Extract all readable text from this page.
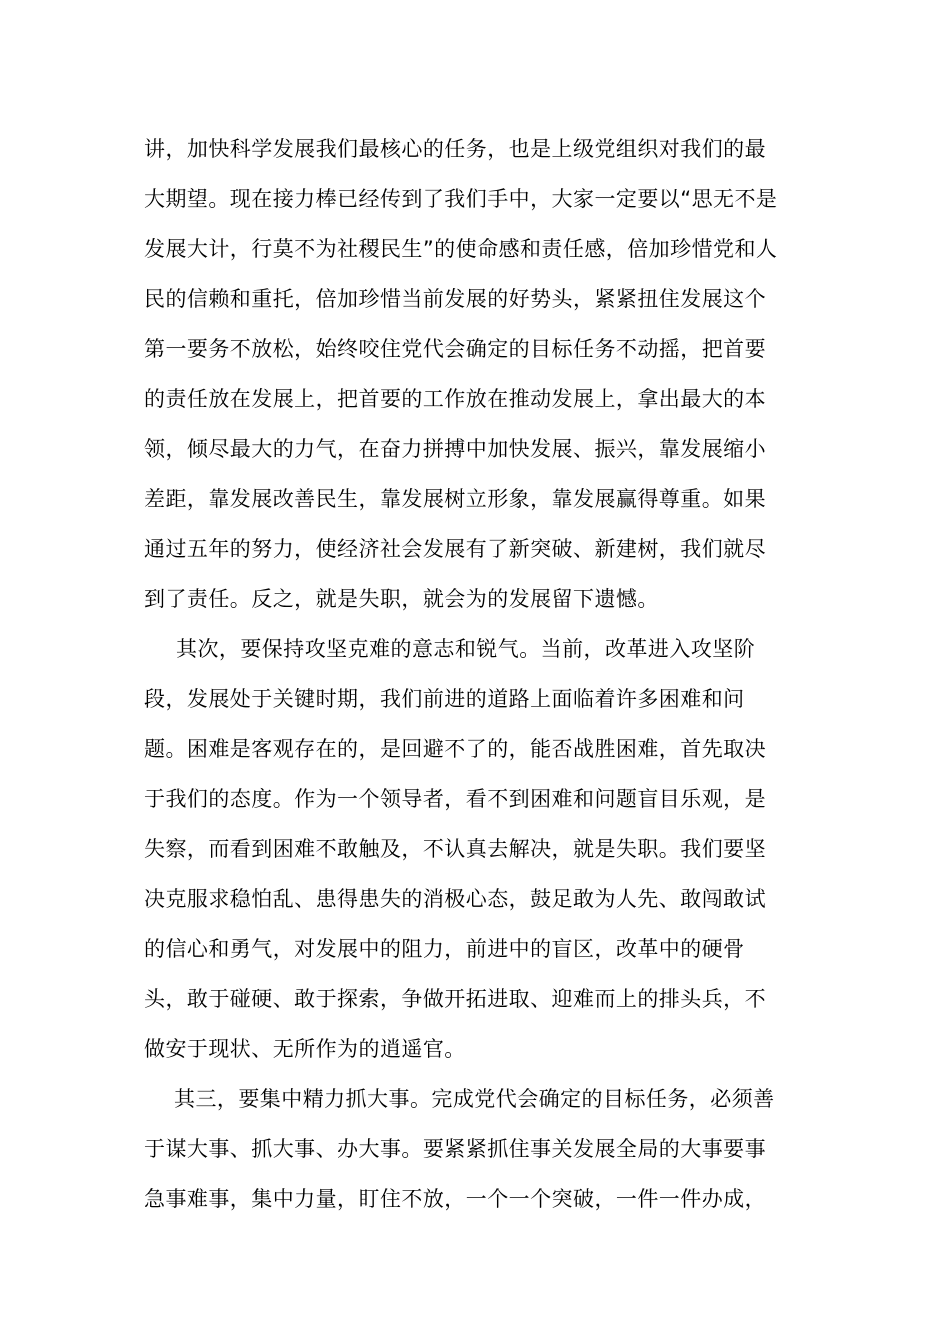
讲，加快科学发展我们最核心的任务，也是上级党组织对我们的最
大期望。现在接力棒已经传到了我们手中，大家一定要以“思无不是
发展大计，行莫不为社稷民生”的使命感和责任感，倍加珍惜党和人
民的信赖和重托，倍加珍惜当前发展的好势头，紧紧扭住发展这个
第一要务不放松，始终咬住党代会确定的目标任务不动摇，把首要
的责任放在发展上，把首要的工作放在推动发展上，拿出最大的本
领，倾尽最大的力气，在奋力拼搏中加快发展、振兴，靠发展缩小
差距，靠发展改善民生，靠发展树立形象，靠发展赢得尊重。如果
通过五年的努力，使经济社会发展有了新突破、新建树，我们就尽
到了责任。反之，就是失职，就会为的发展留下遗憾。
其次，要保持攻坚克难的意志和锐气。当前，改革进入攻坚阶
段，发展处于关键时期，我们前进的道路上面临着许多困难和问
题。困难是客观存在的，是回避不了的，能否战胜困难，首先取决
于我们的态度。作为一个领导者，看不到困难和问题盲目乐观，是
失察，而看到困难不敢触及，不认真去解决，就是失职。我们要坚
决克服求稳怕乱、患得患失的消极心态，鼓足敢为人先、敢闯敢试
的信心和勇气，对发展中的阻力，前进中的盲区，改革中的硬骨
头，敢于碰硬、敢于探索，争做开拓进取、迎难而上的排头兵，不
做安于现状、无所作为的逍遥官。
其三，要集中精力抓大事。完成党代会确定的目标任务，必须善
于谋大事、抓大事、办大事。要紧紧抓住事关发展全局的大事要事
急事难事，集中力量，盯住不放，一个一个突破，一件一件办成，
